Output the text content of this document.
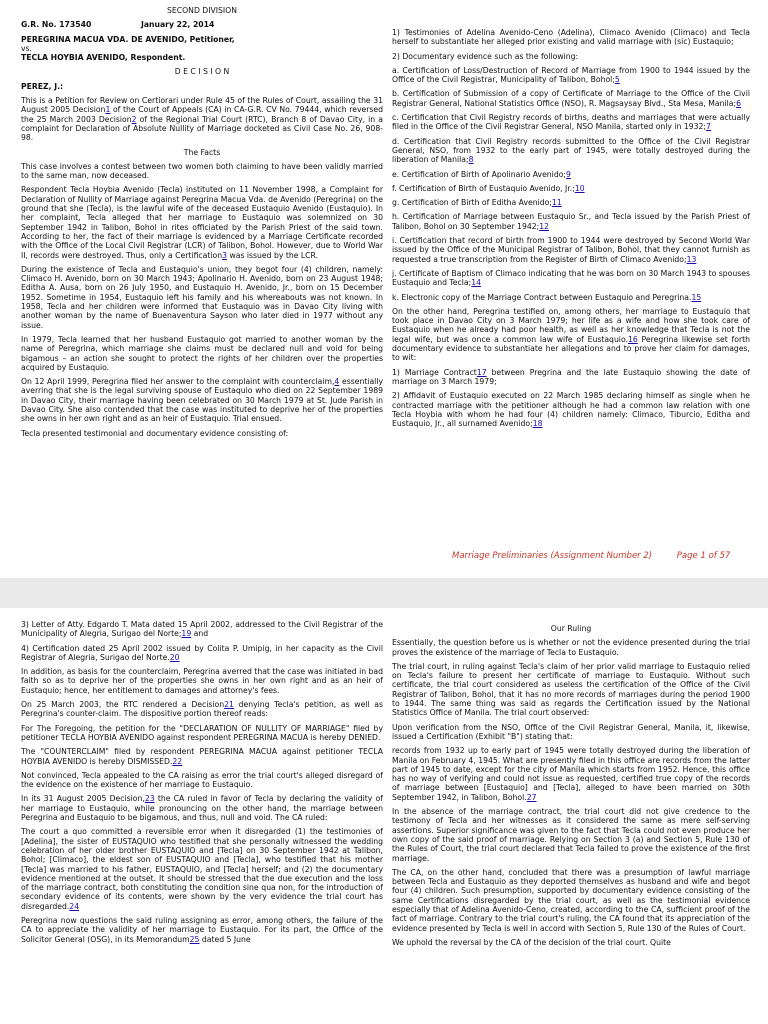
SECOND DIVISION

G.R. No. 173540	January 22, 2014

PEREGRINA MACUA VDA. DE AVENIDO, Petitioner,

vs.

TECLA HOYBIA AVENIDO, Respondent.

D E C I S I O N

PEREZ, J.:

This is a Petition for Review on Certiorari under Rule 45 of the Rules of Court, assailing the 31 August 2005 Decision1 of the Court of Appeals (CA) in CA-G.R. CV No. 79444, which reversed the 25 March 2003 Decision2 of the Regional Trial Court (RTC), Branch 8 of Davao City, in a complaint for Declaration of Absolute Nullity of Marriage docketed as Civil Case No. 26, 908-98.

The Facts

This case involves a contest between two women both claiming to have been validly married to the same man, now deceased.

Respondent Tecla Hoybia Avenido (Tecla) instituted on 11 November 1998, a Complaint for Declaration of Nullity of Marriage against Peregrina Macua Vda. de Avenido (Peregrina) on the ground that she (Tecla), is the lawful wife of the deceased Eustaquio Avenido (Eustaquio). In her complaint, Tecla alleged that her marriage to Eustaquio was solemnized on 30 September 1942 in Talibon, Bohol in rites officiated by the Parish Priest of the said town. According to her, the fact of their marriage is evidenced by a Marriage Certificate recorded with the Office of the Local Civil Registrar (LCR) of Talibon, Bohol. However, due to World War II, records were destroyed. Thus, only a Certification3 was issued by the LCR.

During the existence of Tecla and Eustaquio's union, they begot four (4) children, namely: Climaco H. Avenido, born on 30 March 1943; Apolinario H. Avenido, born on 23 August 1948; Editha A. Ausa, born on 26 July 1950, and Eustaquio H. Avenido, Jr., born on 15 December 1952. Sometime in 1954, Eustaquio left his family and his whereabouts was not known. In 1958, Tecla and her children were informed that Eustaquio was in Davao City living with another woman by the name of Buenaventura Sayson who later died in 1977 without any issue.

In 1979, Tecla learned that her husband Eustaquio got married to another woman by the name of Peregrina, which marriage she claims must be declared null and void for being bigamous – an action she sought to protect the rights of her children over the properties acquired by Eustaquio.

On 12 April 1999, Peregrina filed her answer to the complaint with counterclaim,4 essentially averring that she is the legal surviving spouse of Eustaquio who died on 22 September 1989 in Davao City, their marriage having been celebrated on 30 March 1979 at St. Jude Parish in Davao City. She also contended that the case was instituted to deprive her of the properties she owns in her own right and as an heir of Eustaquio. Trial ensued.

Tecla presented testimonial and documentary evidence consisting of:

1) Testimonies of Adelina Avenido-Ceno (Adelina), Climaco Avenido (Climaco) and Tecla herself to substantiate her alleged prior existing and valid marriage with (sic) Eustaquio;

2) Documentary evidence such as the following:

a. Certification of Loss/Destruction of Record of Marriage from 1900 to 1944 issued by the Office of the Civil Registrar, Municipality of Talibon, Bohol;5

b. Certification of Submission of a copy of Certificate of Marriage to the Office of the Civil Registrar General, National Statistics Office (NSO), R. Magsaysay Blvd., Sta Mesa, Manila;6

c. Certification that Civil Registry records of births, deaths and marriages that were actually filed in the Office of the Civil Registrar General, NSO Manila, started only in 1932;7

d. Certification that Civil Registry records submitted to the Office of the Civil Registrar General, NSO, from 1932 to the early part of 1945, were totally destroyed during the liberation of Manila;8

e. Certification of Birth of Apolinario Avenido;9

f. Certification of Birth of Eustaquio Avenido, Jr.;10

g. Certification of Birth of Editha Avenido;11

h. Certification of Marriage between Eustaquio Sr., and Tecla issued by the Parish Priest of Talibon, Bohol on 30 September 1942;12

i. Certification that record of birth from 1900 to 1944 were destroyed by Second World War issued by the Office of the Municipal Registrar of Talibon, Bohol, that they cannot furnish as requested a true transcription from the Register of Birth of Climaco Avenido;13

j. Certificate of Baptism of Climaco indicating that he was born on 30 March 1943 to spouses Eustaquio and Tecla;14

k. Electronic copy of the Marriage Contract between Eustaquio and Peregrina.15

On the other hand, Peregrina testified on, among others, her marriage to Eustaquio that took place in Davao City on 3 March 1979; her life as a wife and how she took care of Eustaquio when he already had poor health, as well as her knowledge that Tecla is not the legal wife, but was once a common law wife of Eustaquio.16 Peregrina likewise set forth documentary evidence to substantiate her allegations and to prove her claim for damages, to wit:

1) Marriage Contract17 between Pregrina and the late Eustaquio showing the date of marriage on 3 March 1979;

2) Affidavit of Eustaquio executed on 22 March 1985 declaring himself as single when he contracted marriage with the petitioner although he had a common law relation with one Tecla Hoybia with whom he had four (4) children namely: Climaco, Tiburcio, Editha and Eustaquio, Jr., all surnamed Avenido;18

Marriage Preliminaries (Assignment Number 2)	Page 1 of 57

3) Letter of Atty. Edgardo T. Mata dated 15 April 2002, addressed to the Civil Registrar of the Municipality of Alegria, Surigao del Norte;19 and

4) Certification dated 25 April 2002 issued by Colita P. Umipig, in her capacity as the Civil Registrar of Alegria, Surigao del Norte.20

In addition, as basis for the counterclaim, Peregrina averred that the case was initiated in bad faith so as to deprive her of the properties she owns in her own right and as an heir of Eustaquio; hence, her entitlement to damages and attorney's fees.

On 25 March 2003, the RTC rendered a Decision21 denying Tecla's petition, as well as Peregrina's counter-claim. The dispositive portion thereof reads:

For The Foregoing, the petition for the "DECLARATION OF NULLITY OF MARRIAGE" filed by petitioner TECLA HOYBIA AVENIDO against respondent PEREGRINA MACUA is hereby DENIED.

The "COUNTERCLAIM" filed by respondent PEREGRINA MACUA against petitioner TECLA HOYBIA AVENIDO is hereby DISMISSED.22

Not convinced, Tecla appealed to the CA raising as error the trial court's alleged disregard of the evidence on the existence of her marriage to Eustaquio.

In its 31 August 2005 Decision,23 the CA ruled in favor of Tecla by declaring the validity of her marriage to Eustaquio, while pronouncing on the other hand, the marriage between Peregrina and Eustaquio to be bigamous, and thus, null and void. The CA ruled:

The court a quo committed a reversible error when it disregarded (1) the testimonies of [Adelina], the sister of EUSTAQUIO who testified that she personally witnessed the wedding celebration of her older brother EUSTAQUIO and [Tecla] on 30 September 1942 at Talibon, Bohol; [Climaco], the eldest son of EUSTAQUIO and [Tecla], who testified that his mother [Tecla] was married to his father, EUSTAQUIO, and [Tecla] herself; and (2) the documentary evidence mentioned at the outset. It should be stressed that the due execution and the loss of the marriage contract, both constituting the condition sine qua non, for the introduction of secondary evidence of its contents, were shown by the very evidence the trial court has disregarded.24

Peregrina now questions the said ruling assigning as error, among others, the failure of the CA to appreciate the validity of her marriage to Eustaquio. For its part, the Office of the Solicitor General (OSG), in its Memorandum25 dated 5 June

Our Ruling

Essentially, the question before us is whether or not the evidence presented during the trial proves the existence of the marriage of Tecla to Eustaquio.

The trial court, in ruling against Tecla's claim of her prior valid marriage to Eustaquio relied on Tecla's failure to present her certificate of marriage to Eustaquio. Without such certificate, the trial court considered as useless the certification of the Office of the Civil Registrar of Talibon, Bohol, that it has no more records of marriages during the period 1900 to 1944. The same thing was said as regards the Certification issued by the National Statistics Office of Manila. The trial court observed:

Upon verification from the NSO, Office of the Civil Registrar General, Manila, it, likewise, issued a Certification (Exhibit "B") stating that:

records from 1932 up to early part of 1945 were totally destroyed during the liberation of Manila on February 4, 1945. What are presently filed in this office are records from the latter part of 1945 to date, except for the city of Manila which starts from 1952. Hence, this office has no way of verifying and could not issue as requested, certified true copy of the records of marriage between [Eustaquio] and [Tecla], alleged to have been married on 30th September 1942, in Talibon, Bohol.27

In the absence of the marriage contract, the trial court did not give credence to the testimony of Tecla and her witnesses as it considered the same as mere self-serving assertions. Superior significance was given to the fact that Tecla could not even produce her own copy of the said proof of marriage. Relying on Section 3 (a) and Section 5, Rule 130 of the Rules of Court, the trial court declared that Tecla failed to prove the existence of the first marriage.

The CA, on the other hand, concluded that there was a presumption of lawful marriage between Tecla and Eustaquio as they deported themselves as husband and wife and begot four (4) children. Such presumption, supported by documentary evidence consisting of the same Certifications disregarded by the trial court, as well as the testimonial evidence especially that of Adelina Avenido-Ceno, created, according to the CA, sufficient proof of the fact of marriage. Contrary to the trial court's ruling, the CA found that its appreciation of the evidence presented by Tecla is well in accord with Section 5, Rule 130 of the Rules of Court.

We uphold the reversal by the CA of the decision of the trial court. Quite
